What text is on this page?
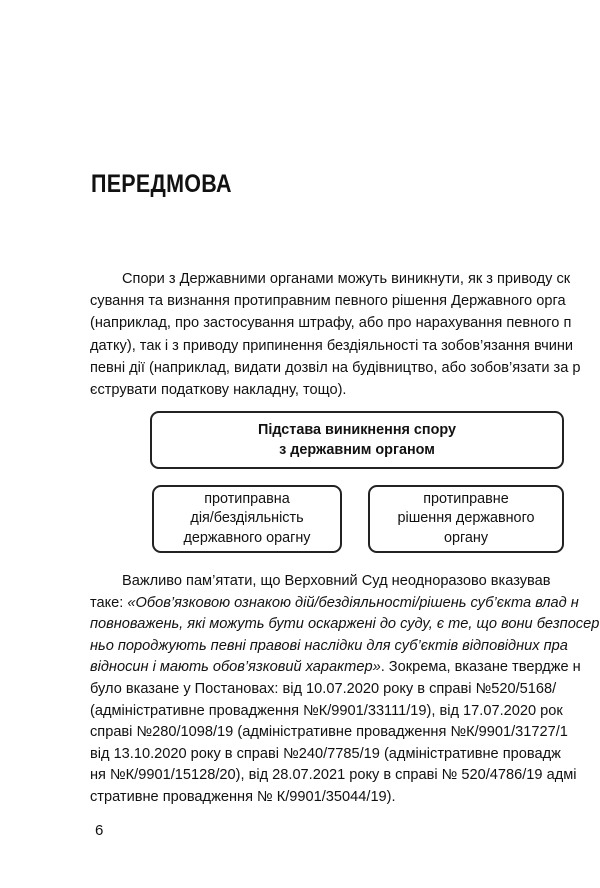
ПЕРЕДМОВА
Спори з Державними органами можуть виникнути, як з приводу ск
сування та визнання протиправним певного рішення Державного орга
(наприклад, про застосування штрафу, або про нарахування певного п
датку), так і з приводу припинення бездіяльності та зобов’язання вчини
певні дії (наприклад, видати дозвіл на будівництво, або зобов’язати за р
єструвати податкову накладну, тощо).
Підстава виникнення спору
з державним органом
протиправна
дія/бездіяльність
державного орагну
протиправне
рішення державного
органу
Важливо пам’ятати, що Верховний Суд неодноразово вказував
таке: «Обов’язковою ознакою дій/бездіяльності/рішень суб’єкта влад н
повноважень, які можуть бути оскаржені до суду, є те, що вони безпосер
ньо породжують певні правові наслідки для суб’єктів відповідних пра
відносин і мають обов’язковий характер». Зокрема, вказане твердже н
було вказане у Постановах: від 10.07.2020 року в справі №520/5168/
(адміністративне провадження №К/9901/33111/19), від 17.07.2020 рок
справі №280/1098/19 (адміністративне провадження №К/9901/31727/1
від 13.10.2020 року в справі №240/7785/19 (адміністративне провадж
ня №К/9901/15128/20), від 28.07.2021 року в справі № 520/4786/19 адмі
стративне провадження № К/9901/35044/19).
6
